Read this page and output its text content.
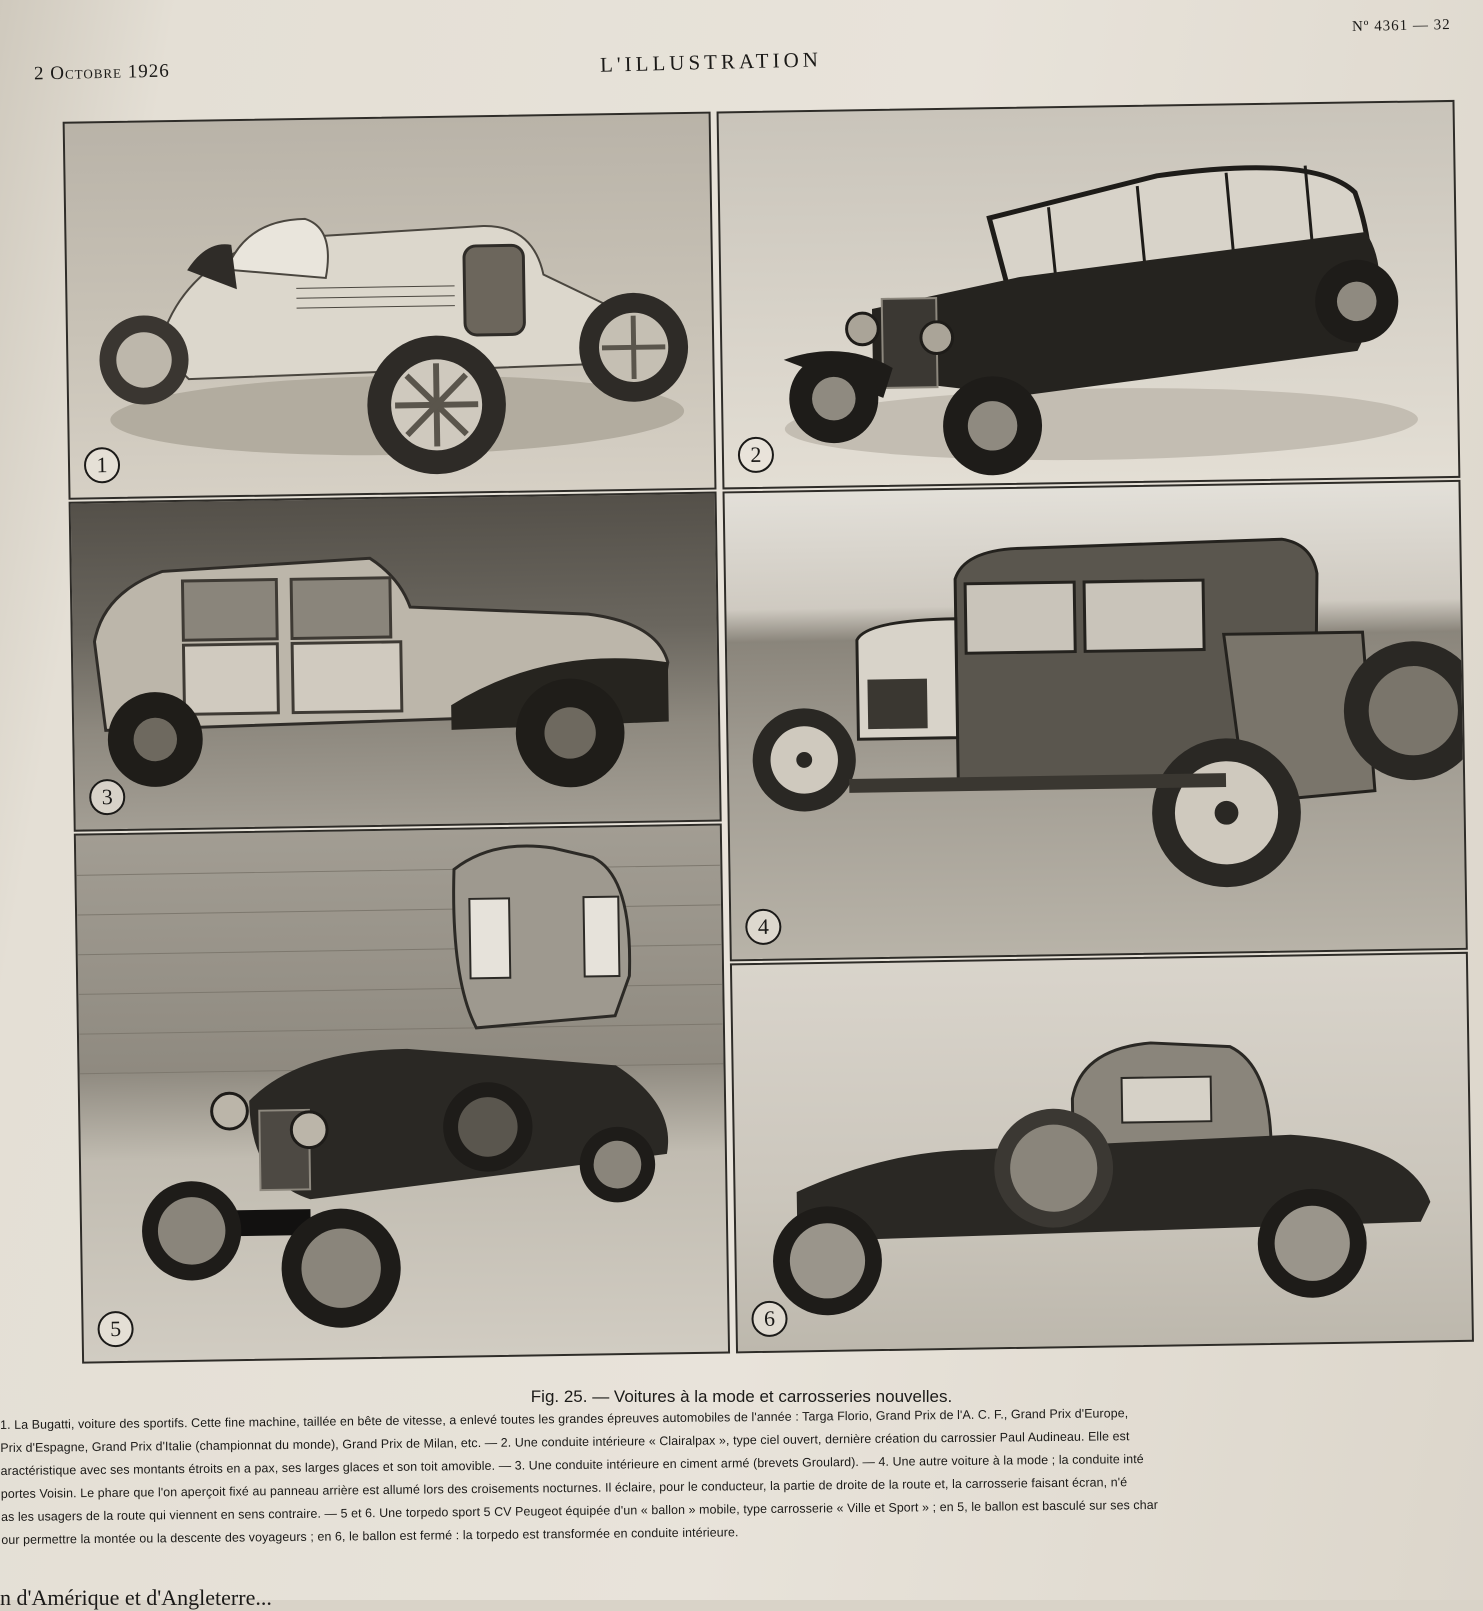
2 Octobre 1926	L'ILLUSTRATION
Nº 4361 — 32
1	2
3
4
5	6
Fig. 25. — Voitures à la mode et carrosseries nouvelles.
1. La Bugatti, voiture des sportifs. Cette fine machine, taillée en bête de vitesse, a enlevé toutes les grandes épreuves automobiles de l'année : Targa Florio, Grand Prix de l'A. C. F., Grand Prix d'Europe,
Prix d'Espagne, Grand Prix d'Italie (championnat du monde), Grand Prix de Milan, etc. — 2. Une conduite intérieure « Clairalpax », type ciel ouvert, dernière création du carrossier Paul Audineau. Elle est
aractéristique avec ses montants étroits en a pax, ses larges glaces et son toit amovible. — 3. Une conduite intérieure en ciment armé (brevets Groulard). — 4. Une autre voiture à la mode ; la conduite inté
portes Voisin. Le phare que l'on aperçoit fixé au panneau arrière est allumé lors des croisements nocturnes. Il éclaire, pour le conducteur, la partie de droite de la route et, la carrosserie faisant écran, n'é
as les usagers de la route qui viennent en sens contraire. — 5 et 6. Une torpedo sport 5 CV Peugeot équipée d'un « ballon » mobile, type carrosserie « Ville et Sport » ; en 5, le ballon est basculé sur ses char
our permettre la montée ou la descente des voyageurs ; en 6, le ballon est fermé : la torpedo est transformée en conduite intérieure.
n d'Amérique et d'Angleterre...
